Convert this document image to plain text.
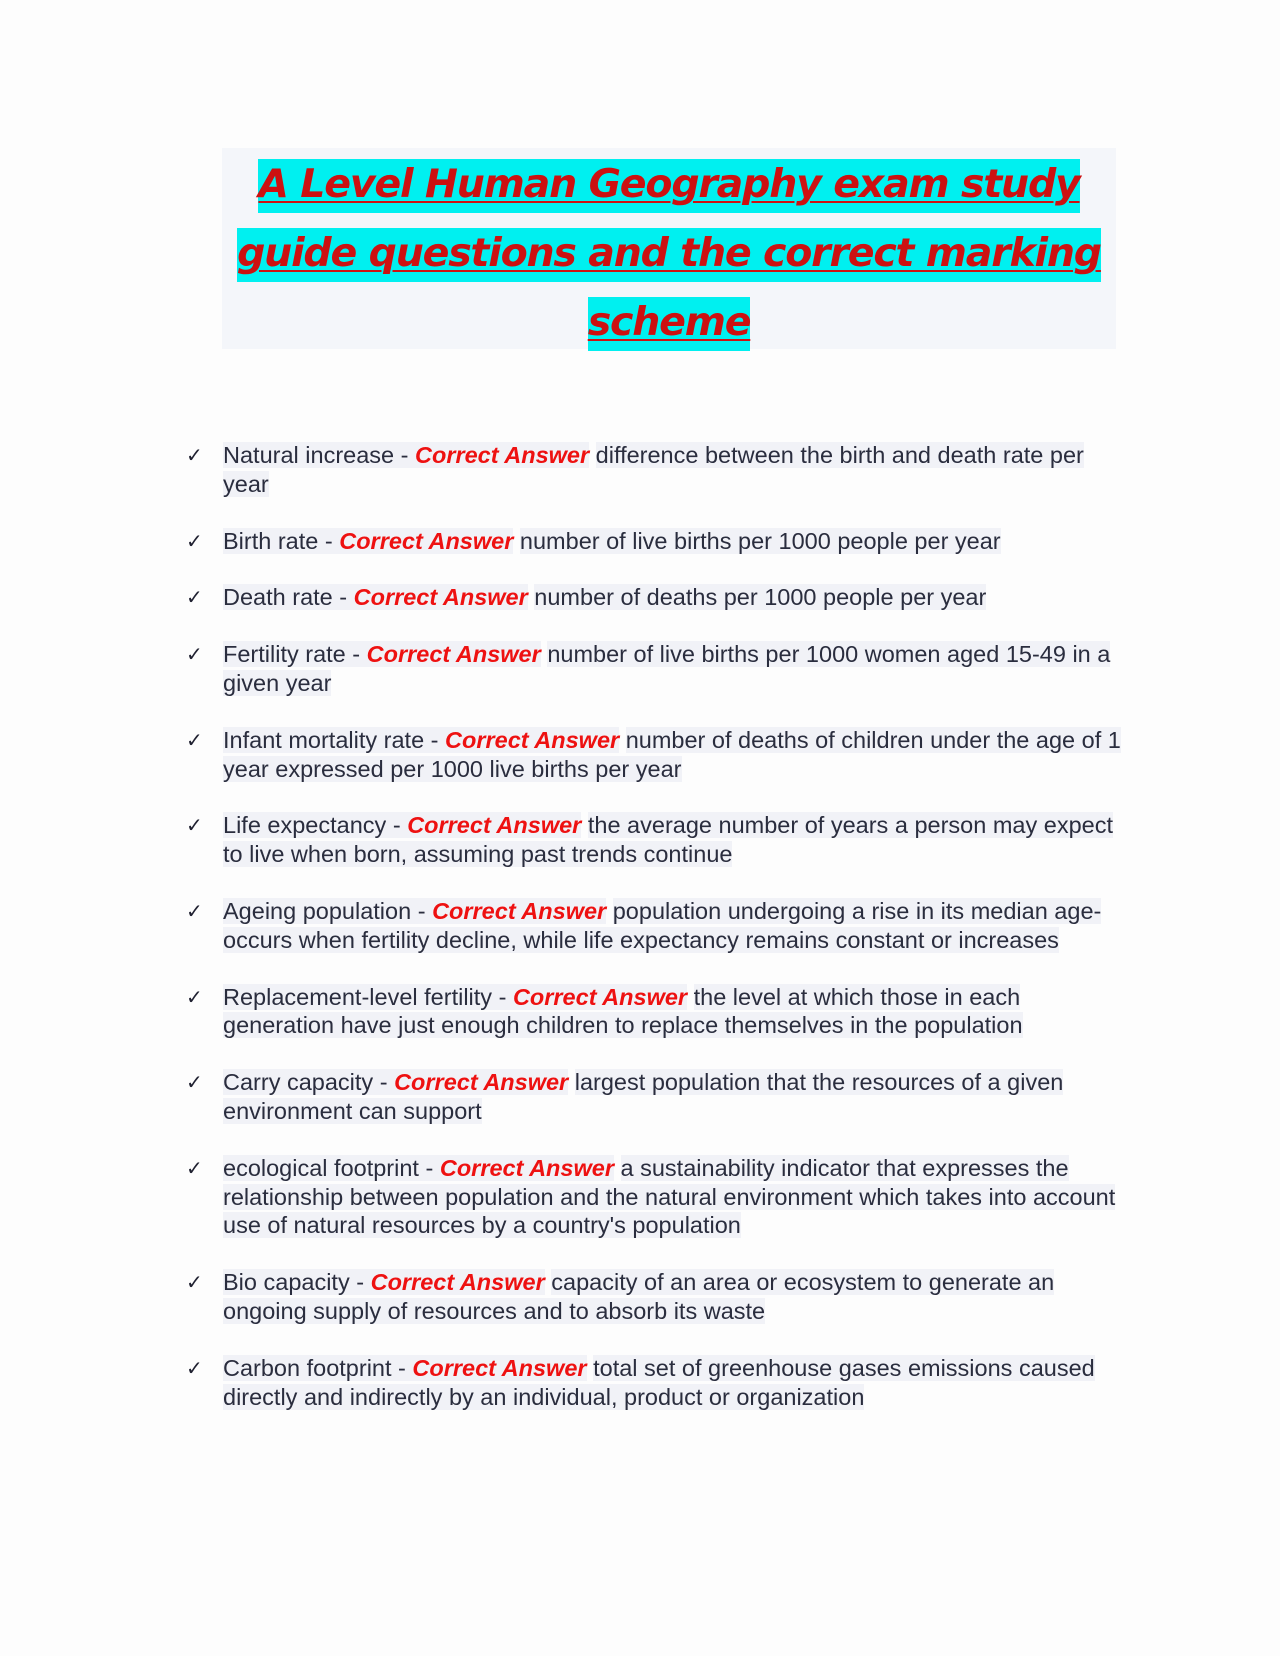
A Level Human Geography exam study
guide questions and the correct marking
scheme
✓ Natural increase - Correct Answer difference between the birth and death rate per year
✓ Birth rate - Correct Answer number of live births per 1000 people per year
✓ Death rate - Correct Answer number of deaths per 1000 people per year
✓ Fertility rate - Correct Answer number of live births per 1000 women aged 15-49 in a given year
✓ Infant mortality rate - Correct Answer number of deaths of children under the age of 1 year expressed per 1000 live births per year
✓ Life expectancy - Correct Answer the average number of years a person may expect to live when born, assuming past trends continue
✓ Ageing population - Correct Answer population undergoing a rise in its median age- occurs when fertility decline, while life expectancy remains constant or increases
✓ Replacement-level fertility - Correct Answer the level at which those in each generation have just enough children to replace themselves in the population
✓ Carry capacity - Correct Answer largest population that the resources of a given environment can support
✓ ecological footprint - Correct Answer a sustainability indicator that expresses the relationship between population and the natural environment which takes into account use of natural resources by a country's population
✓ Bio capacity - Correct Answer capacity of an area or ecosystem to generate an ongoing supply of resources and to absorb its waste
✓ Carbon footprint - Correct Answer total set of greenhouse gases emissions caused directly and indirectly by an individual, product or organization
